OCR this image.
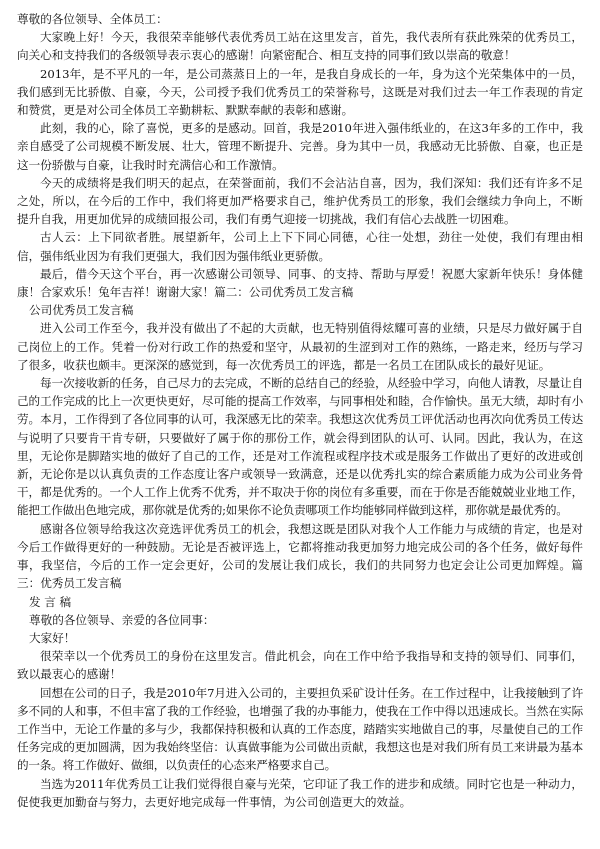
尊敬的各位领导、全体员工：

大家晚上好！今天，我很荣幸能够代表优秀员工站在这里发言，首先，我代表所有获此殊荣的优秀员工，向关心和支持我们的各级领导表示衷心的感谢！向紧密配合、相互支持的同事们致以崇高的敬意！

2013年，是不平凡的一年，是公司蒸蒸日上的一年，是我自身成长的一年，身为这个光荣集体中的一员，我们感到无比骄傲、自豪，今天，公司授予我们优秀员工的荣誉称号，这既是对我们过去一年工作表现的肯定和赞赏，更是对公司全体员工辛勤耕耘、默默奉献的表彰和感谢。

此刻，我的心，除了喜悦，更多的是感动。回首，我是2010年进入强伟纸业的，在这3年多的工作中，我亲自感受了公司规模不断发展、壮大，管理不断提升、完善。身为其中一员，我感动无比骄傲、自豪，也正是这一份骄傲与自豪，让我时时充满信心和工作激情。

今天的成绩将是我们明天的起点，在荣誉面前，我们不会沾沾自喜，因为，我们深知：我们还有许多不足之处，所以，在今后的工作中，我们将更加严格要求自己，维护优秀员工的形象，我们会继续力争向上，不断提升自我，用更加优异的成绩回报公司，我们有勇气迎接一切挑战，我们有信心去战胜一切困难。

古人云：上下同欲者胜。展望新年，公司上上下下同心同德，心往一处想，劲往一处使，我们有理由相信，强伟纸业因为有我们更强大，我们因为强伟纸业更骄傲。

最后，借今天这个平台，再一次感谢公司领导、同事、的支持、帮助与厚爱！祝愿大家新年快乐！身体健康！合家欢乐！兔年吉祥！谢谢大家！篇二：公司优秀员工发言稿

公司优秀员工发言稿

进入公司工作至今，我并没有做出了不起的大贡献，也无特别值得炫耀可喜的业绩，只是尽力做好属于自己岗位上的工作。凭着一份对行政工作的热爱和坚守，从最初的生涩到对工作的熟练，一路走来，经历与学习了很多，收获也颇丰。更深深的感觉到，每一次优秀员工的评选，都是一名员工在团队成长的最好见证。

每一次接收新的任务，自己尽力的去完成，不断的总结自己的经验，从经验中学习，向他人请教，尽量让自己的工作完成的比上一次更快更好，尽可能的提高工作效率，与同事相处和睦，合作愉快。虽无大绩，却时有小劳。本月，工作得到了各位同事的认可，我深感无比的荣幸。我想这次优秀员工评优活动也再次向优秀员工传达与说明了只要肯干肯专研，只要做好了属于你的那份工作，就会得到团队的认可、认同。因此，我认为，在这里，无论你是脚踏实地的做好了自己的工作，还是对工作流程或程序技术或是服务工作做出了更好的改进或创新，无论你是以认真负责的工作态度让客户或领导一致满意，还是以优秀扎实的综合素质能力成为公司业务骨干，都是优秀的。一个人工作上优秀不优秀，并不取决于你的岗位有多重要，而在于你是否能兢兢业业地工作，能把工作做出色地完成，那你就是优秀的;如果你不论负责哪项工作均能够同样做到这样，那你就是最优秀的。

感谢各位领导给我这次竞选评优秀员工的机会，我想这既是团队对我个人工作能力与成绩的肯定，也是对今后工作做得更好的一种鼓励。无论是否被评选上，它都将推动我更加努力地完成公司的各个任务，做好每件事，我坚信，今后的工作一定会更好，公司的发展让我们成长，我们的共同努力也定会让公司更加辉煌。篇三：优秀员工发言稿

发 言 稿

尊敬的各位领导、亲爱的各位同事：

大家好！

很荣幸以一个优秀员工的身份在这里发言。借此机会，向在工作中给予我指导和支持的领导们、同事们，致以最衷心的感谢！

回想在公司的日子，我是2010年7月进入公司的，主要担负采矿设计任务。在工作过程中，让我接触到了许多不同的人和事，不但丰富了我的工作经验，也增强了我的办事能力，使我在工作中得以迅速成长。当然在实际工作当中，无论工作量的多与少，我都保持积极和认真的工作态度，踏踏实实地做自己的事，尽量使自己的工作任务完成的更加圆满，因为我始终坚信：认真做事能为公司做出贡献，我想这也是对我们所有员工来讲最为基本的一条。将工作做好、做细，以负责任的心态来严格要求自己。

当选为2011年优秀员工让我们觉得很自豪与光荣，它印证了我工作的进步和成绩。同时它也是一种动力，促使我更加勤奋与努力，去更好地完成每一件事情，为公司创造更大的效益。
